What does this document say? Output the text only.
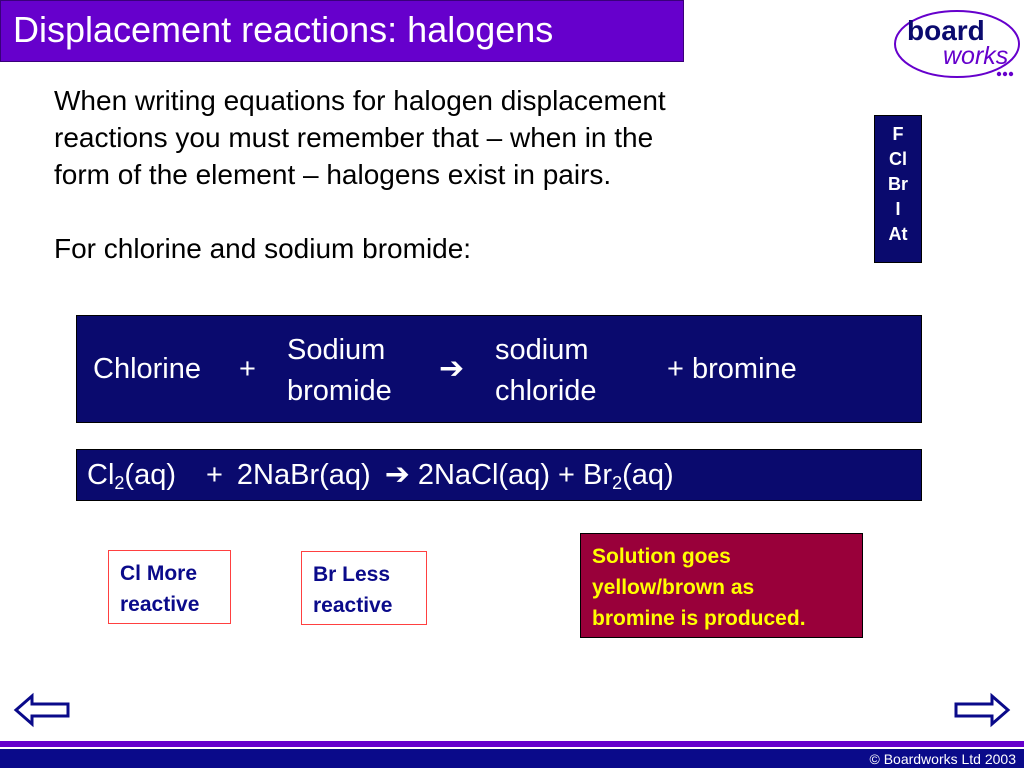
Displacement reactions: halogens	board
works

When writing equations for halogen displacement

reactions you must remember that – when in the

form of the element – halogens exist in pairs.

For chlorine and sodium bromide:

F
Cl
Br
I
At
Chlorine +
Sodium
bromide
➔
sodium
chloride
+ bromine
$Cl_2(aq)$ + 2NaBr(aq) ➔ 2NaCl(aq) + $Br_2(aq)$
Cl More
reactive
Br Less
reactive
Solution goes
yellow/brown as
bromine is produced.
© Boardworks Ltd 2003
